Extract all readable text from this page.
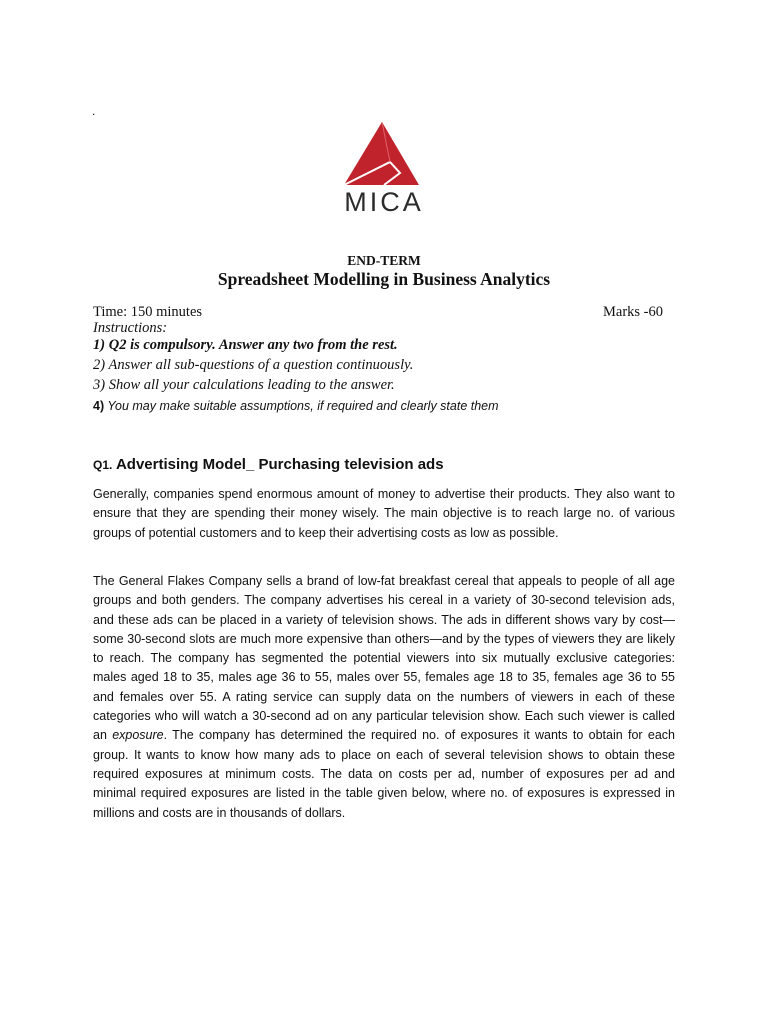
.
MICA
END-TERM
Spreadsheet Modelling in Business Analytics
Time: 150 minutes	Marks -60
Instructions:
1) Q2 is compulsory. Answer any two from the rest.
2) Answer all sub-questions of a question continuously.
3) Show all your calculations leading to the answer.
4) You may make suitable assumptions, if required and clearly state them
Q1. Advertising Model_ Purchasing television ads

Generally, companies spend enormous amount of money to advertise their products. They also want to ensure that they are spending their money wisely. The main objective is to reach large no. of various groups of potential customers and to keep their advertising costs as low as possible.

The General Flakes Company sells a brand of low-fat breakfast cereal that appeals to people of all age groups and both genders. The company advertises his cereal in a variety of 30-second television ads, and these ads can be placed in a variety of television shows. The ads in different shows vary by cost—some 30-second slots are much more expensive than others—and by the types of viewers they are likely to reach. The company has segmented the potential viewers into six mutually exclusive categories: males aged 18 to 35, males age 36 to 55, males over 55, females age 18 to 35, females age 36 to 55 and females over 55. A rating service can supply data on the numbers of viewers in each of these categories who will watch a 30-second ad on any particular television show. Each such viewer is called an exposure. The company has determined the required no. of exposures it wants to obtain for each group. It wants to know how many ads to place on each of several television shows to obtain these required exposures at minimum costs. The data on costs per ad, number of exposures per ad and minimal required exposures are listed in the table given below, where no. of exposures is expressed in millions and costs are in thousands of dollars.
